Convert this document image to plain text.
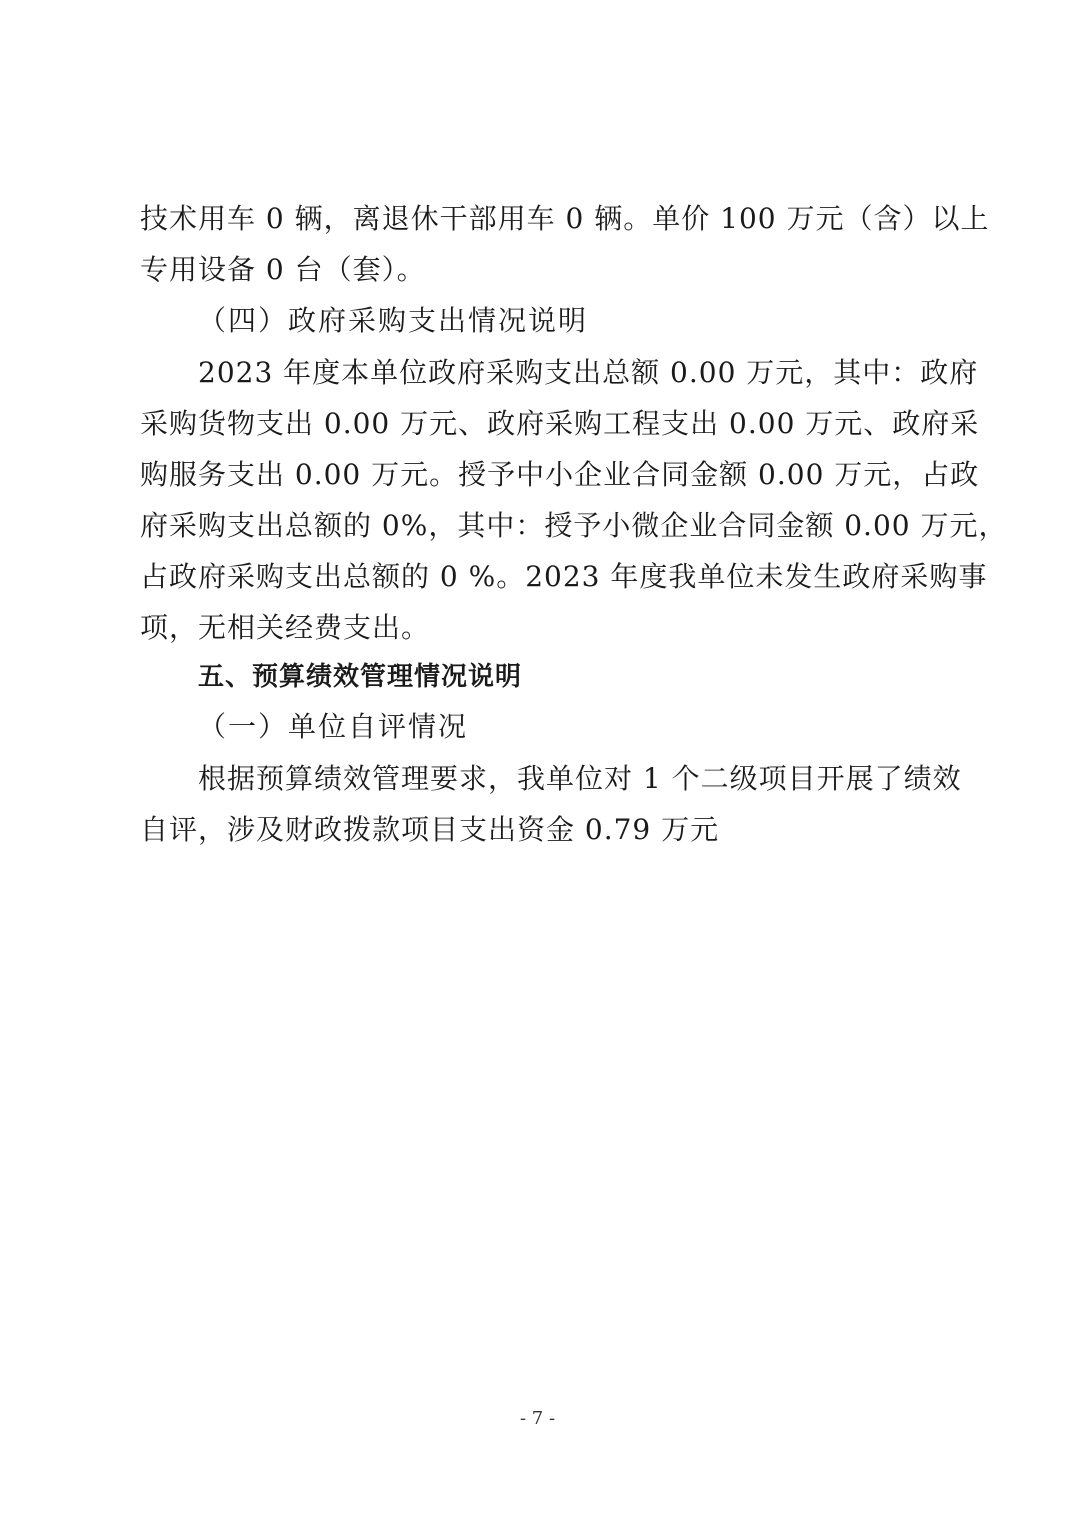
技术用车 0 辆，离退休干部用车 0 辆。单价 100 万元（含）以上
专用设备 0 台（套）。
（四）政府采购支出情况说明
2023 年度本单位政府采购支出总额 0.00 万元，其中：政府
采购货物支出 0.00 万元、政府采购工程支出 0.00 万元、政府采
购服务支出 0.00 万元。授予中小企业合同金额 0.00 万元，占政
府采购支出总额的 0%，其中：授予小微企业合同金额 0.00 万元，
占政府采购支出总额的 0 %。2023 年度我单位未发生政府采购事
项，无相关经费支出。
五、预算绩效管理情况说明
（一）单位自评情况
根据预算绩效管理要求，我单位对 1 个二级项目开展了绩效
自评，涉及财政拨款项目支出资金 0.79 万元
- 7 -
